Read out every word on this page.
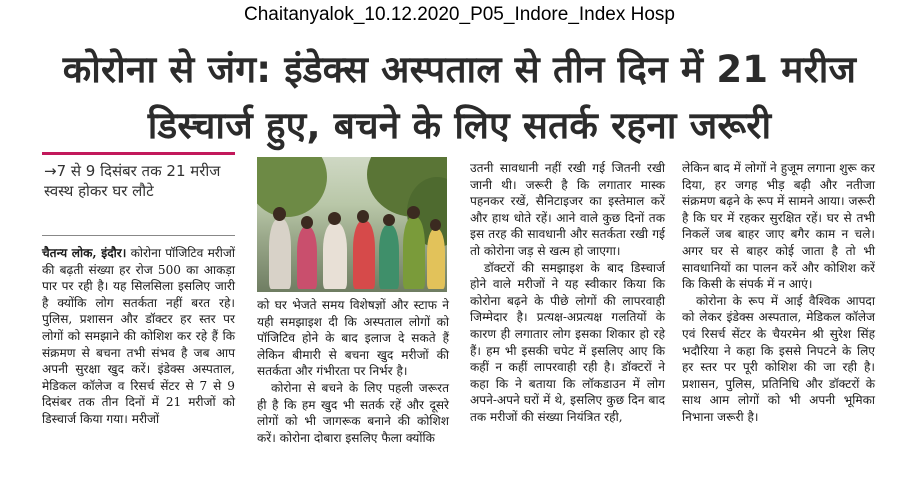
Chaitanyalok_10.12.2020_P05_Indore_Index Hosp
कोरोना से जंग: इंडेक्स अस्पताल से तीन दिन में 21 मरीज
डिस्चार्ज हुए, बचने के लिए सतर्क रहना जरूरी
→7 से 9 दिसंबर तक 21 मरीज स्वस्थ होकर घर लौटे

चैतन्य लोक, इंदौर। कोरोना पॉजिटिव मरीजों की बढ़ती संख्या हर रोज 500 का आकड़ा पार पर रही है। यह सिलसिला इसलिए जारी है क्योंकि लोग सतर्कता नहीं बरत रहे। पुलिस, प्रशासन और डॉक्टर हर स्तर पर लोगों को समझाने की कोशिश कर रहे हैं कि संक्रमण से बचना तभी संभव है जब आप अपनी सुरक्षा खुद करें। इंडेक्स अस्पताल, मेडिकल कॉलेज व रिसर्च सेंटर से 7 से 9 दिसंबर तक तीन दिनों में 21 मरीजों को डिस्चार्ज किया गया। मरीजों

को घर भेजते समय विशेषज्ञों और स्टाफ ने यही समझाइश दी कि अस्पताल लोगों को पॉजिटिव होने के बाद इलाज दे सकते हैं लेकिन बीमारी से बचना खुद मरीजों की सतर्कता और गंभीरता पर निर्भर है।

कोरोना से बचने के लिए पहली जरूरत ही है कि हम खुद भी सतर्क रहें और दूसरे लोगों को भी जागरूक बनाने की कोशिश करें। कोरोना दोबारा इसलिए फैला क्योंकि

उतनी सावधानी नहीं रखी गई जितनी रखी जानी थी। जरूरी है कि लगातार मास्क पहनकर रखें, सैनिटाइजर का इस्तेमाल करें और हाथ धोते रहें। आने वाले कुछ दिनों तक इस तरह की सावधानी और सतर्कता रखी गई तो कोरोना जड़ से खत्म हो जाएगा।

डॉक्टरों की समझाइश के बाद डिस्चार्ज होने वाले मरीजों ने यह स्वीकार किया कि कोरोना बढ़ने के पीछे लोगों की लापरवाही जिम्मेदार है। प्रत्यक्ष-अप्रत्यक्ष गलतियों के कारण ही लगातार लोग इसका शिकार हो रहे हैं। हम भी इसकी चपेट में इसलिए आए कि कहीं न कहीं लापरवाही रही है। डॉक्टरों ने कहा कि ने बताया कि लॉकडाउन में लोग अपने-अपने घरों में थे, इसलिए कुछ दिन बाद तक मरीजों की संख्या नियंत्रित रही,

लेकिन बाद में लोगों ने हुजूम लगाना शुरू कर दिया, हर जगह भीड़ बढ़ी और नतीजा संक्रमण बढ़ने के रूप में सामने आया। जरूरी है कि घर में रहकर सुरक्षित रहें। घर से तभी निकलें जब बाहर जाए बगैर काम न चले। अगर घर से बाहर कोई जाता है तो भी सावधानियों का पालन करें और कोशिश करें कि किसी के संपर्क में न आएं।

कोरोना के रूप में आई वैश्विक आपदा को लेकर इंडेक्स अस्पताल, मेडिकल कॉलेज एवं रिसर्च सेंटर के चैयरमेन श्री सुरेश सिंह भदौरिया ने कहा कि इससे निपटने के लिए हर स्तर पर पूरी कोशिश की जा रही है। प्रशासन, पुलिस, प्रतिनिधि और डॉक्टरों के साथ आम लोगों को भी अपनी भूमिका निभाना जरूरी है।
